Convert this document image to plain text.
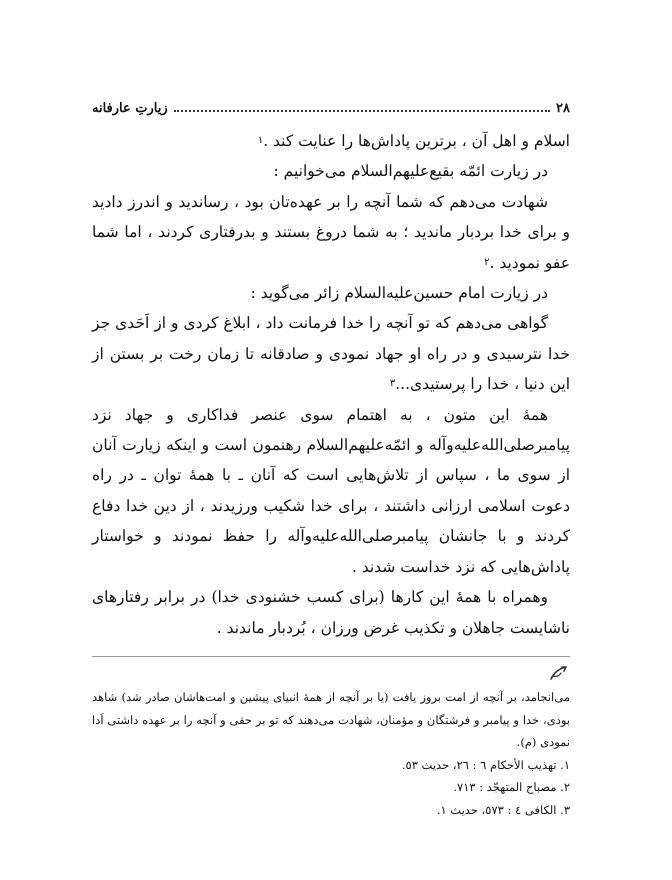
۲۸
زیارتِ عارفانه

اسلام و اهل آن ، برترین پاداش‌ها را عنایت کند .$^۱$

در زیارت ائمّه بقیع‌علیهم‌السلام می‌خوانیم :

شهادت می‌دهم که شما آنچه را بر عهده‌تان بود ، رساندید و اندرز دادید و برای خدا بردبار ماندید ؛ به شما دروغ بستند و بدرفتاری کردند ، اما شما عفو نمودید .$^۲$

در زیارت امام حسین‌علیه‌السلام زائر می‌گوید :

گواهی می‌دهم که تو آنچه را خدا فرمانت داد ، ابلاغ کردی و از اَحَدی جز خدا نترسیدی و در راه او جهاد نمودی و صادقانه تا زمان رخت بر بستن از این دنیا ، خدا را پرستیدی...$^۳$

همهٔ این متون ، به اهتمام سوی عنصر فداکاری و جهاد نزد پیامبرصلی‌الله‌علیه‌وآله و ائمّه‌علیهم‌السلام رهنمون است و اینکه زیارت آنان از سوی ما ، سپاس از تلاش‌هایی است که آنان ـ با همهٔ توان ـ در راه دعوت اسلامی ارزانی داشتند ، برای خدا شکیب ورزیدند ، از دین خدا دفاع کردند و با جانشان پیامبرصلی‌الله‌علیه‌وآله را حفظ نمودند و خواستار پاداش‌هایی که نزد خداست شدند .

وهمراه با همهٔ این کارها (برای کسب خشنودی خدا) در برابر رفتارهای ناشایست جاهلان و تکذیب غرض ورزان ، بُردبار ماندند .

می‌انجامد، بر آنچه از امت بروز یافت (یا بر آنچه از همهٔ انبیای پیشین و امت‌هاشان صادر شد) شاهد بودی، خدا و پیامبر و فرشتگان و مؤمنان، شهادت می‌دهند که تو بر حقی و آنچه را بر عهده داشتی اَدا نمودی (م).

۱. تهذیب الأحكام ٦ : ٢٦، حدیث ٥٣.

۲. مصباح المتهجّد : ٧١٣.

۳. الكافی ٤ : ٥٧٣، حدیث ١.
